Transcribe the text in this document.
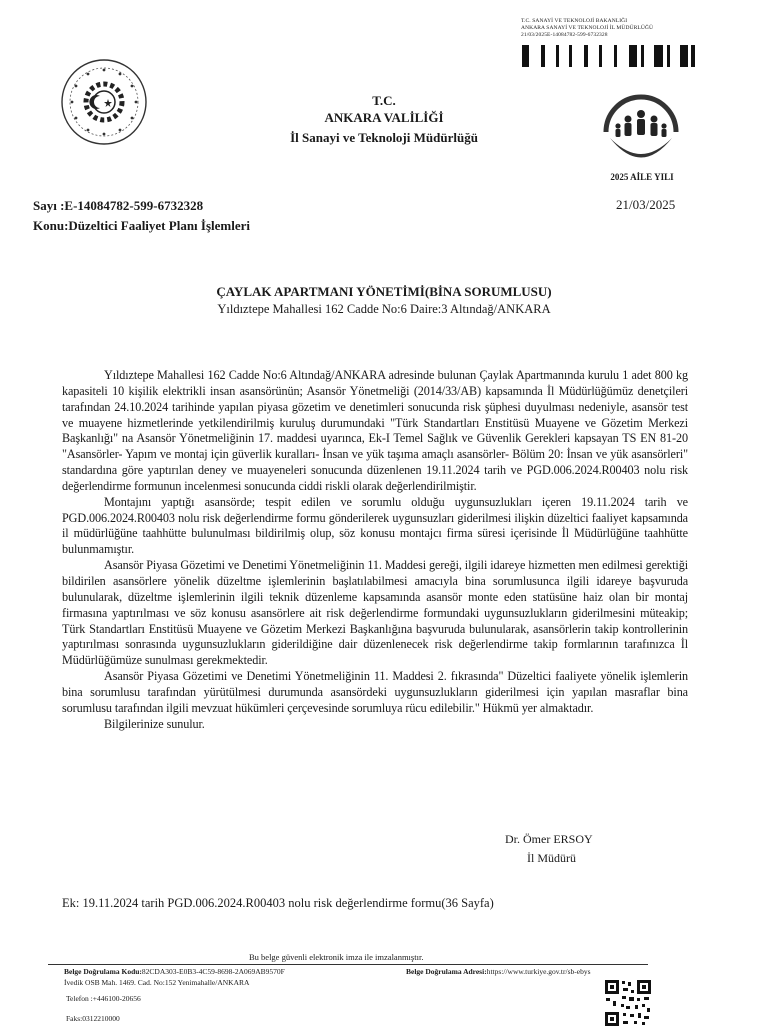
T.C. SANAYİ VE TEKNOLOJİ BAKANLIĞI
ANKARA SANAYİ VE TEKNOLOJİ İL MÜDÜRLÜĞÜ
21/03/2025E-14084782-599-6732328
2025 AİLE YILI
T.C.
ANKARA VALİLİĞİ
İl Sanayi ve Teknoloji Müdürlüğü
Sayı :E-14084782-599-6732328
Konu:Düzeltici Faaliyet Planı İşlemleri
21/03/2025
ÇAYLAK APARTMANI YÖNETİMİ(BİNA SORUMLUSU)
Yıldıztepe Mahallesi 162 Cadde No:6 Daire:3 Altındağ/ANKARA

Yıldıztepe Mahallesi 162 Cadde No:6 Altındağ/ANKARA adresinde bulunan Çaylak Apartmanında kurulu 1 adet 800 kg kapasiteli 10 kişilik elektrikli insan asansörünün; Asansör Yönetmeliği (2014/33/AB) kapsamında İl Müdürlüğümüz denetçileri tarafından 24.10.2024 tarihinde yapılan piyasa gözetim ve denetimleri sonucunda risk şüphesi duyulması nedeniyle, asansör test ve muayene hizmetlerinde yetkilendirilmiş kuruluş durumundaki "Türk Standartları Enstitüsü Muayene ve Gözetim Merkezi Başkanlığı" na Asansör Yönetmeliğinin 17. maddesi uyarınca, Ek-I Temel Sağlık ve Güvenlik Gerekleri kapsayan TS EN 81-20 "Asansörler- Yapım ve montaj için güverlik kuralları- İnsan ve yük taşıma amaçlı asansörler- Bölüm 20: İnsan ve yük asansörleri" standardına göre yaptırılan deney ve muayeneleri sonucunda düzenlenen 19.11.2024 tarih ve PGD.006.2024.R00403 nolu risk değerlendirme formunun incelenmesi sonucunda ciddi riskli olarak değerlendirilmiştir.

Montajını yaptığı asansörde; tespit edilen ve sorumlu olduğu uygunsuzlukları içeren 19.11.2024 tarih ve PGD.006.2024.R00403 nolu risk değerlendirme formu gönderilerek uygunsuzları giderilmesi ilişkin düzeltici faaliyet kapsamında il müdürlüğüne taahhütte bulunulması bildirilmiş olup, söz konusu montajcı firma süresi içerisinde İl Müdürlüğüne taahhütte bulunmamıştır.

Asansör Piyasa Gözetimi ve Denetimi Yönetmeliğinin 11. Maddesi gereği, ilgili idareye hizmetten men edilmesi gerektiği bildirilen asansörlere yönelik düzeltme işlemlerinin başlatılabilmesi amacıyla bina sorumlusunca ilgili idareye başvuruda bulunularak, düzeltme işlemlerinin ilgili teknik düzenleme kapsamında asansör monte eden statüsüne haiz olan bir montaj firmasına yaptırılması ve söz konusu asansörlere ait risk değerlendirme formundaki uygunsuzlukların giderilmesini müteakip; Türk Standartları Enstitüsü Muayene ve Gözetim Merkezi Başkanlığına başvuruda bulunularak, asansörlerin takip kontrollerinin yaptırılması sonrasında uygunsuzlukların giderildiğine dair düzenlenecek risk değerlendirme takip formlarının tarafınızca İl Müdürlüğümüze sunulması gerekmektedir.

Asansör Piyasa Gözetimi ve Denetimi Yönetmeliğinin 11. Maddesi 2. fıkrasında" Düzeltici faaliyete yönelik işlemlerin bina sorumlusu tarafından yürütülmesi durumunda asansördeki uygunsuzlukların giderilmesi için yapılan masraflar bina sorumlusu tarafından ilgili mevzuat hükümleri çerçevesinde sorumluya rücu edilebilir." Hükmü yer almaktadır.

Bilgilerinize sunulur.

Dr. Ömer ERSOY
İl Müdürü
Ek: 19.11.2024 tarih PGD.006.2024.R00403 nolu risk değerlendirme formu(36 Sayfa)
Bu belge güvenli elektronik imza ile imzalanmıştır.
Belge Doğrulama Kodu:82CDA303-E0B3-4C59-8698-2A069AB9570F	Belge Doğrulama Adresi:https://www.turkiye.gov.tr/sb-ebys
İvedik OSB Mah. 1469. Cad. No:152 Yenimahalle/ANKARA
Telefon :+446100-20656
Faks:0312210000
